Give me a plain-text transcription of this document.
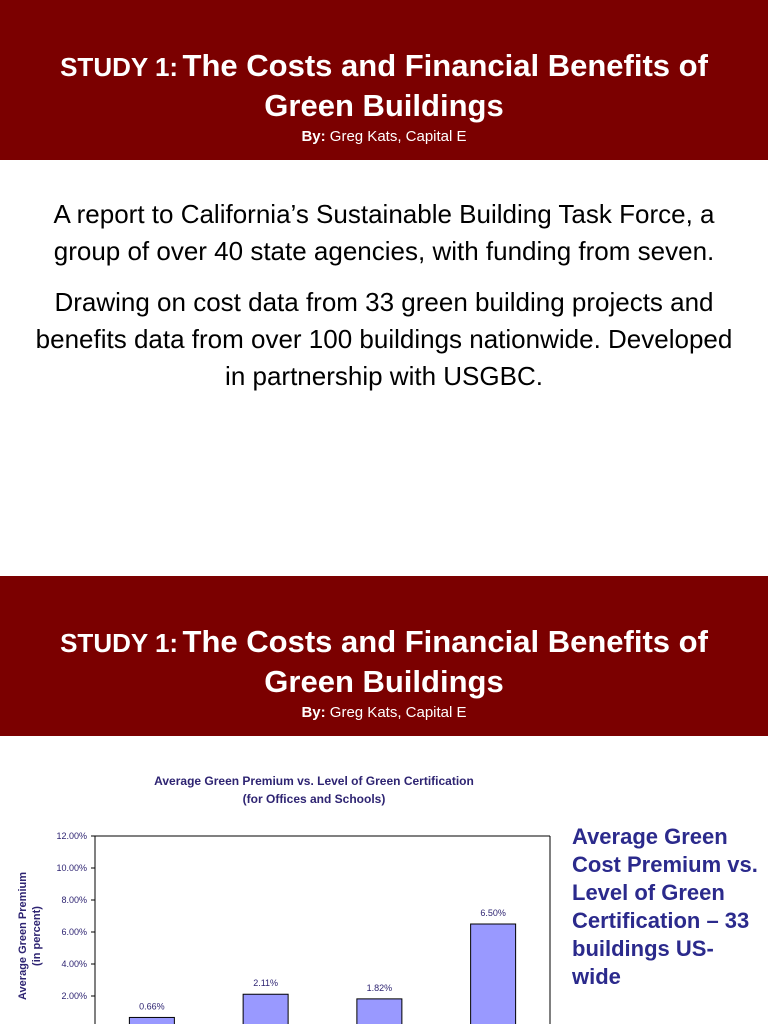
STUDY 1: The Costs and Financial Benefits of
Green Buildings
By: Greg Kats, Capital E

A report to California’s Sustainable Building Task Force, a group of over 40 state agencies, with funding from seven.

Drawing on cost data from 33 green building projects and benefits data from over 100 buildings nationwide. Developed in partnership with USGBC.

STUDY 1: The Costs and Financial Benefits of
Green Buildings
By: Greg Kats, Capital E
Average Green Premium vs. Level of Green Certification
(for Offices and Schools)
Average Green Premium (in percent)
2.00%
4.00%
6.00%
8.00%
10.00%
12.00%
0.66%
2.11%	1.82%
6.50%
Average Green Cost Premium vs. Level of Green Certification – 33 buildings US-wide
